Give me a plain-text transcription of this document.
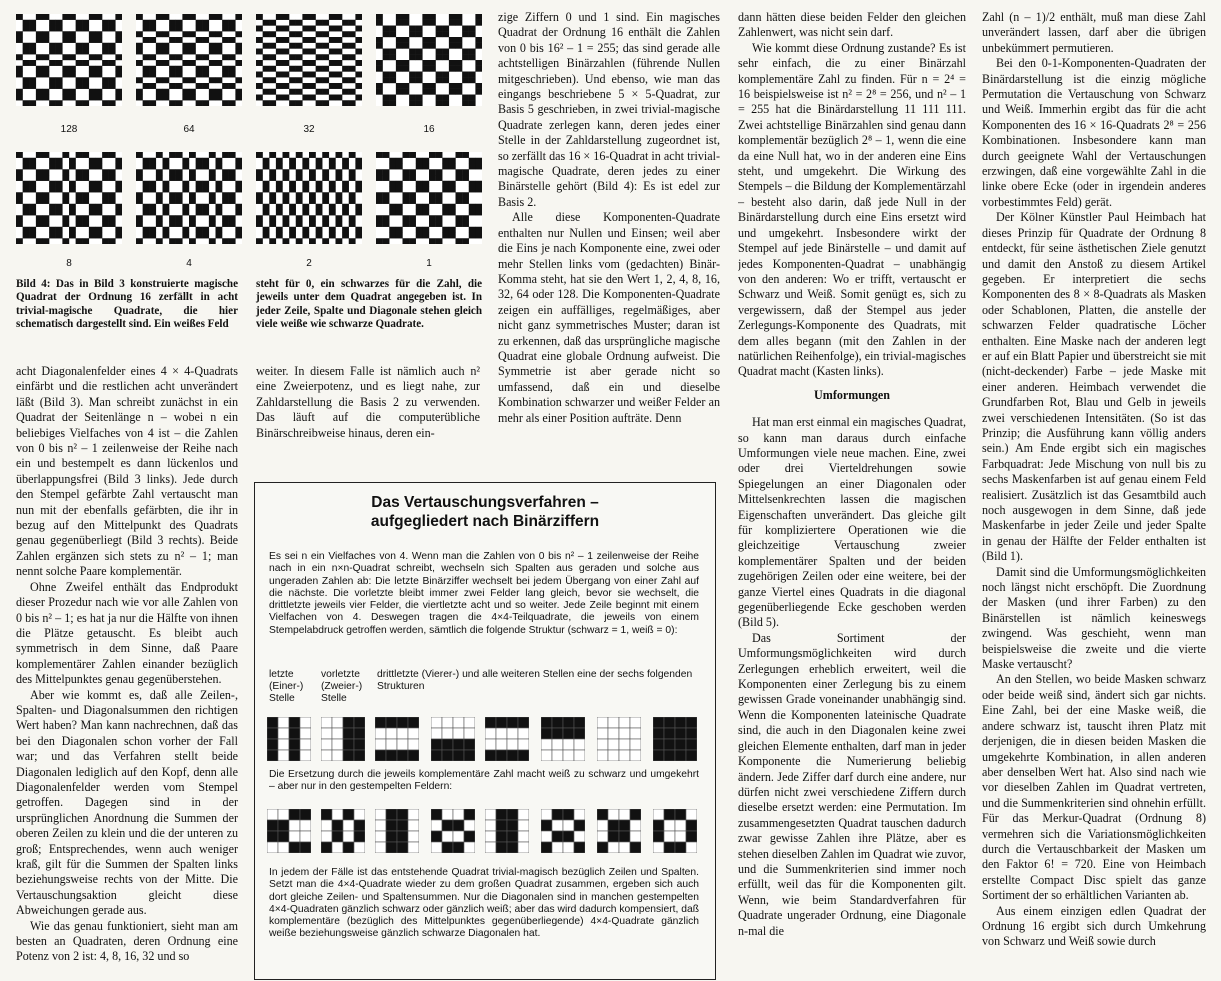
128	64	32	16
8	4	2	1
Bild 4: Das in Bild 3 konstruierte magische Quadrat der Ordnung 16 zerfällt in acht trivial-magische Quadrate, die hier schematisch dargestellt sind. Ein weißes Feld
steht für 0, ein schwarzes für die Zahl, die jeweils unter dem Quadrat angegeben ist. In jeder Zeile, Spalte und Diagonale stehen gleich viele weiße wie schwarze Quadrate.

acht Diagonalenfelder eines 4 × 4-Quadrats einfärbt und die restlichen acht unverändert läßt (Bild 3). Man schreibt zunächst in ein Quadrat der Seitenlänge n – wobei n ein beliebiges Vielfaches von 4 ist – die Zahlen von 0 bis n² – 1 zeilenweise der Reihe nach ein und bestempelt es dann lückenlos und überlappungsfrei (Bild 3 links). Jede durch den Stempel gefärbte Zahl vertauscht man nun mit der ebenfalls gefärbten, die ihr in bezug auf den Mittelpunkt des Quadrats genau gegenüberliegt (Bild 3 rechts). Beide Zahlen ergänzen sich stets zu n² – 1; man nennt solche Paare komplementär.

Ohne Zweifel enthält das Endprodukt dieser Prozedur nach wie vor alle Zahlen von 0 bis n² – 1; es hat ja nur die Hälfte von ihnen die Plätze getauscht. Es bleibt auch symmetrisch in dem Sinne, daß Paare komplementärer Zahlen einander bezüglich des Mittelpunktes genau gegenüberstehen.

Aber wie kommt es, daß alle Zeilen-, Spalten- und Diagonalsummen den richtigen Wert haben? Man kann nachrechnen, daß das bei den Diagonalen schon vorher der Fall war; und das Verfahren stellt beide Diagonalen lediglich auf den Kopf, denn alle Diagonalenfelder werden vom Stempel getroffen. Dagegen sind in der ursprünglichen Anordnung die Summen der oberen Zeilen zu klein und die der unteren zu groß; Entsprechendes, wenn auch weniger kraß, gilt für die Summen der Spalten links beziehungsweise rechts von der Mitte. Die Vertauschungsaktion gleicht diese Abweichungen gerade aus.

Wie das genau funktioniert, sieht man am besten an Quadraten, deren Ordnung eine Potenz von 2 ist: 4, 8, 16, 32 und so

weiter. In diesem Falle ist nämlich auch n² eine Zweierpotenz, und es liegt nahe, zur Zahldarstellung die Basis 2 zu verwenden. Das läuft auf die computerübliche Binärschreibweise hinaus, deren ein-

zige Ziffern 0 und 1 sind. Ein magisches Quadrat der Ordnung 16 enthält die Zahlen von 0 bis 16² – 1 = 255; das sind gerade alle achtstelligen Binärzahlen (führende Nullen mitgeschrieben). Und ebenso, wie man das eingangs beschriebene 5 × 5-Quadrat, zur Basis 5 geschrieben, in zwei trivial-magische Quadrate zerlegen kann, deren jedes einer Stelle in der Zahldarstellung zugeordnet ist, so zerfällt das 16 × 16-Quadrat in acht trivial-magische Quadrate, deren jedes zu einer Binärstelle gehört (Bild 4): Es ist edel zur Basis 2.

Alle diese Komponenten-Quadrate enthalten nur Nullen und Einsen; weil aber die Eins je nach Komponente eine, zwei oder mehr Stellen links vom (gedachten) Binär-Komma steht, hat sie den Wert 1, 2, 4, 8, 16, 32, 64 oder 128. Die Komponenten-Quadrate zeigen ein auffälliges, regelmäßiges, aber nicht ganz symmetrisches Muster; daran ist zu erkennen, daß das ursprüngliche magische Quadrat eine globale Ordnung aufweist. Die Symmetrie ist aber gerade nicht so umfassend, daß ein und dieselbe Kombination schwarzer und weißer Felder an mehr als einer Position aufträte. Denn

dann hätten diese beiden Felder den gleichen Zahlenwert, was nicht sein darf.

Wie kommt diese Ordnung zustande? Es ist sehr einfach, die zu einer Binärzahl komplementäre Zahl zu finden. Für n = 2⁴ = 16 beispielsweise ist n² = 2⁸ = 256, und n² – 1 = 255 hat die Binärdarstellung 11 111 111. Zwei achtstellige Binärzahlen sind genau dann komplementär bezüglich 2⁸ – 1, wenn die eine da eine Null hat, wo in der anderen eine Eins steht, und umgekehrt. Die Wirkung des Stempels – die Bildung der Komplementärzahl – besteht also darin, daß jede Null in der Binärdarstellung durch eine Eins ersetzt wird und umgekehrt. Insbesondere wirkt der Stempel auf jede Binärstelle – und damit auf jedes Komponenten-Quadrat – unabhängig von den anderen: Wo er trifft, vertauscht er Schwarz und Weiß. Somit genügt es, sich zu vergewissern, daß der Stempel aus jeder Zerlegungs-Komponente des Quadrats, mit dem alles begann (mit den Zahlen in der natürlichen Reihenfolge), ein trivial-magisches Quadrat macht (Kasten links).

Umformungen

Hat man erst einmal ein magisches Quadrat, so kann man daraus durch einfache Umformungen viele neue machen. Eine, zwei oder drei Vierteldrehungen sowie Spiegelungen an einer Diagonalen oder Mittelsenkrechten lassen die magischen Eigenschaften unverändert. Das gleiche gilt für kompliziertere Operationen wie die gleichzeitige Vertauschung zweier komplementärer Spalten und der beiden zugehörigen Zeilen oder eine weitere, bei der ganze Viertel eines Quadrats in die diagonal gegenüberliegende Ecke geschoben werden (Bild 5).

Das Sortiment der Umformungsmöglichkeiten wird durch Zerlegungen erheblich erweitert, weil die Komponenten einer Zerlegung bis zu einem gewissen Grade voneinander unabhängig sind. Wenn die Komponenten lateinische Quadrate sind, die auch in den Diagonalen keine zwei gleichen Elemente enthalten, darf man in jeder Komponente die Numerierung beliebig ändern. Jede Ziffer darf durch eine andere, nur dürfen nicht zwei verschiedene Ziffern durch dieselbe ersetzt werden: eine Permutation. Im zusammengesetzten Quadrat tauschen dadurch zwar gewisse Zahlen ihre Plätze, aber es stehen dieselben Zahlen im Quadrat wie zuvor, und die Summenkriterien sind immer noch erfüllt, weil das für die Komponenten gilt. Wenn, wie beim Standardverfahren für Quadrate ungerader Ordnung, eine Diagonale n-mal die

Zahl (n – 1)/2 enthält, muß man diese Zahl unverändert lassen, darf aber die übrigen unbekümmert permutieren.

Bei den 0-1-Komponenten-Quadraten der Binärdarstellung ist die einzig mögliche Permutation die Vertauschung von Schwarz und Weiß. Immerhin ergibt das für die acht Komponenten des 16 × 16-Quadrats 2⁸ = 256 Kombinationen. Insbesondere kann man durch geeignete Wahl der Vertauschungen erzwingen, daß eine vorgewählte Zahl in die linke obere Ecke (oder in irgendein anderes vorbestimmtes Feld) gerät.

Der Kölner Künstler Paul Heimbach hat dieses Prinzip für Quadrate der Ordnung 8 entdeckt, für seine ästhetischen Ziele genutzt und damit den Anstoß zu diesem Artikel gegeben. Er interpretiert die sechs Komponenten des 8 × 8-Quadrats als Masken oder Schablonen, Platten, die anstelle der schwarzen Felder quadratische Löcher enthalten. Eine Maske nach der anderen legt er auf ein Blatt Papier und überstreicht sie mit (nicht-deckender) Farbe – jede Maske mit einer anderen. Heimbach verwendet die Grundfarben Rot, Blau und Gelb in jeweils zwei verschiedenen Intensitäten. (So ist das Prinzip; die Ausführung kann völlig anders sein.) Am Ende ergibt sich ein magisches Farbquadrat: Jede Mischung von null bis zu sechs Maskenfarben ist auf genau einem Feld realisiert. Zusätzlich ist das Gesamtbild auch noch ausgewogen in dem Sinne, daß jede Maskenfarbe in jeder Zeile und jeder Spalte in genau der Hälfte der Felder enthalten ist (Bild 1).

Damit sind die Umformungsmöglichkeiten noch längst nicht erschöpft. Die Zuordnung der Masken (und ihrer Farben) zu den Binärstellen ist nämlich keineswegs zwingend. Was geschieht, wenn man beispielsweise die zweite und die vierte Maske vertauscht?

An den Stellen, wo beide Masken schwarz oder beide weiß sind, ändert sich gar nichts. Eine Zahl, bei der eine Maske weiß, die andere schwarz ist, tauscht ihren Platz mit derjenigen, die in diesen beiden Masken die umgekehrte Kombination, in allen anderen aber denselben Wert hat. Also sind nach wie vor dieselben Zahlen im Quadrat vertreten, und die Summenkriterien sind ohnehin erfüllt. Für das Merkur-Quadrat (Ordnung 8) vermehren sich die Variationsmöglichkeiten durch die Vertauschbarkeit der Masken um den Faktor 6! = 720. Eine von Heimbach erstellte Compact Disc spielt das ganze Sortiment der so erhältlichen Varianten ab.

Aus einem einzigen edlen Quadrat der Ordnung 16 ergibt sich durch Umkehrung von Schwarz und Weiß sowie durch

Das Vertauschungsverfahren –
aufgegliedert nach Binärziffern
Es sei n ein Vielfaches von 4. Wenn man die Zahlen von 0 bis n² – 1 zeilenweise der Reihe nach in ein n×n-Quadrat schreibt, wechseln sich Spalten aus geraden und solche aus ungeraden Zahlen ab: Die letzte Binärziffer wechselt bei jedem Übergang von einer Zahl auf die nächste. Die vorletzte bleibt immer zwei Felder lang gleich, bevor sie wechselt, die drittletzte jeweils vier Felder, die viertletzte acht und so weiter. Jede Zeile beginnt mit einem Vielfachen von 4. Deswegen tragen die 4×4-Teilquadrate, die jeweils von einem Stempelabdruck getroffen werden, sämtlich die folgende Struktur (schwarz = 1, weiß = 0):
letzte (Einer-) Stelle
vorletzte (Zweier-) Stelle
drittletzte (Vierer-) und alle weiteren Stellen eine der sechs folgenden Strukturen
Die Ersetzung durch die jeweils komplementäre Zahl macht weiß zu schwarz und umgekehrt – aber nur in den gestempelten Feldern:
In jedem der Fälle ist das entstehende Quadrat trivial-magisch bezüglich Zeilen und Spalten. Setzt man die 4×4-Quadrate wieder zu dem großen Quadrat zusammen, ergeben sich auch dort gleiche Zeilen- und Spaltensummen. Nur die Diagonalen sind in manchen gestempelten 4×4-Quadraten gänzlich schwarz oder gänzlich weiß; aber das wird dadurch kompensiert, daß komplementäre (bezüglich des Mittelpunktes gegenüberliegende) 4×4-Quadrate gänzlich weiße beziehungsweise gänzlich schwarze Diagonalen hat.
